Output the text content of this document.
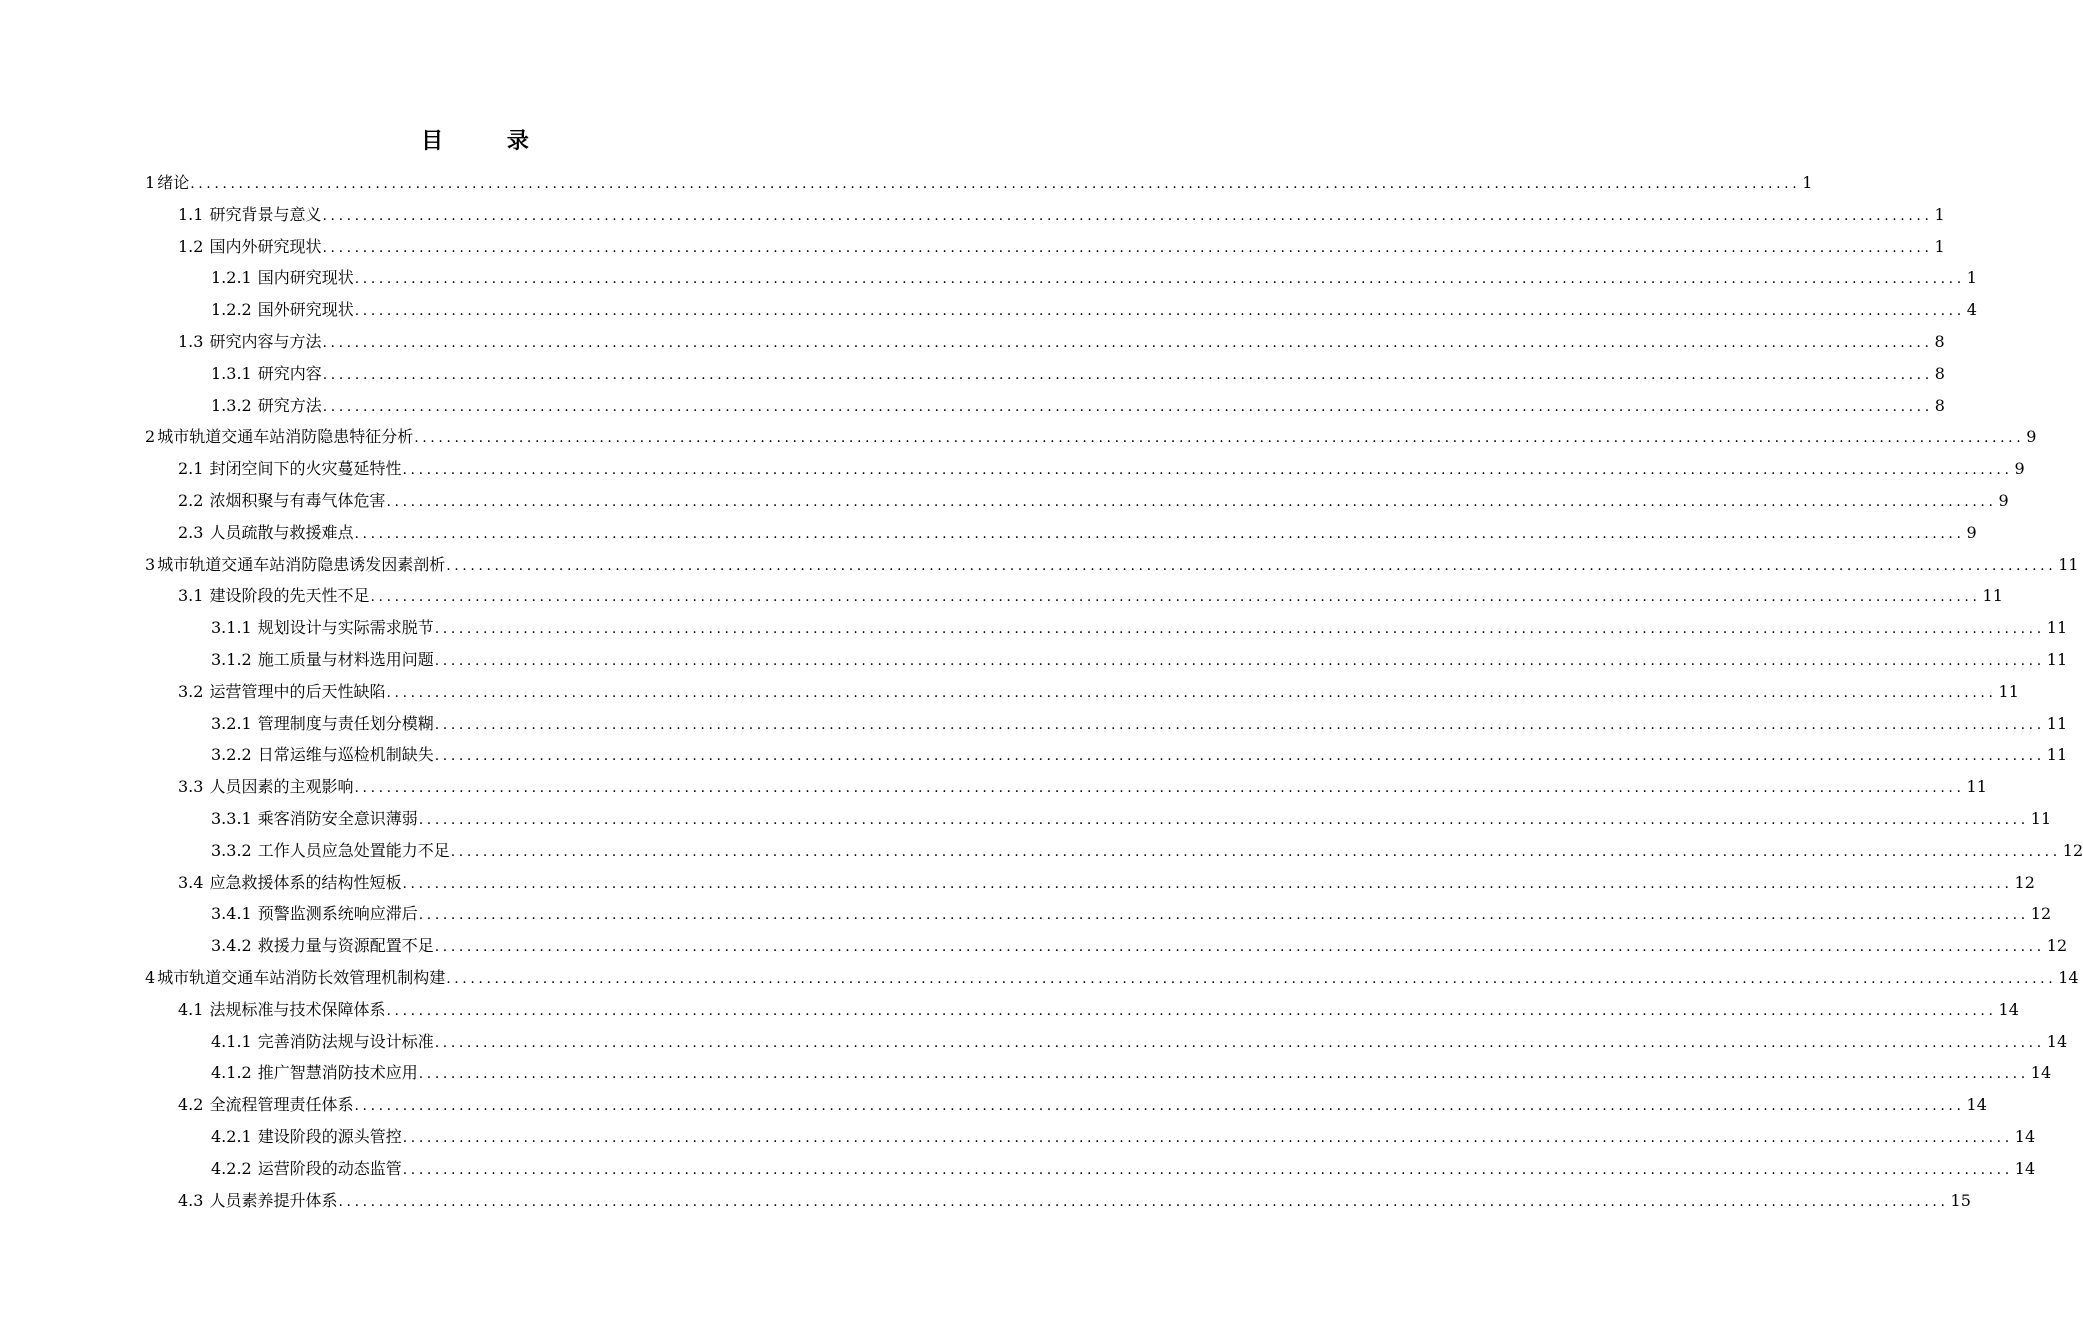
目 录
1 绪论 ........................................................................................................................................................................................................ 1
1.1 研究背景与意义 ........................................................................................................................................................................................................ 1
1.2 国内外研究现状 ........................................................................................................................................................................................................ 1
1.2.1 国内研究现状 ........................................................................................................................................................................................................ 1
1.2.2 国外研究现状 ........................................................................................................................................................................................................ 4
1.3 研究内容与方法 ........................................................................................................................................................................................................ 8
1.3.1 研究内容 ........................................................................................................................................................................................................ 8
1.3.2 研究方法 ........................................................................................................................................................................................................ 8
2 城市轨道交通车站消防隐患特征分析 ........................................................................................................................................................................................................ 9
2.1 封闭空间下的火灾蔓延特性 ........................................................................................................................................................................................................ 9
2.2 浓烟积聚与有毒气体危害 ........................................................................................................................................................................................................ 9
2.3 人员疏散与救援难点 ........................................................................................................................................................................................................ 9
3 城市轨道交通车站消防隐患诱发因素剖析 ........................................................................................................................................................................................................ 11
3.1 建设阶段的先天性不足 ........................................................................................................................................................................................................ 11
3.1.1 规划设计与实际需求脱节 ........................................................................................................................................................................................................ 11
3.1.2 施工质量与材料选用问题 ........................................................................................................................................................................................................ 11
3.2 运营管理中的后天性缺陷 ........................................................................................................................................................................................................ 11
3.2.1 管理制度与责任划分模糊 ........................................................................................................................................................................................................ 11
3.2.2 日常运维与巡检机制缺失 ........................................................................................................................................................................................................ 11
3.3 人员因素的主观影响 ........................................................................................................................................................................................................ 11
3.3.1 乘客消防安全意识薄弱 ........................................................................................................................................................................................................ 11
3.3.2 工作人员应急处置能力不足 ........................................................................................................................................................................................................ 12
3.4 应急救援体系的结构性短板 ........................................................................................................................................................................................................ 12
3.4.1 预警监测系统响应滞后 ........................................................................................................................................................................................................ 12
3.4.2 救援力量与资源配置不足 ........................................................................................................................................................................................................ 12
4 城市轨道交通车站消防长效管理机制构建 ........................................................................................................................................................................................................ 14
4.1 法规标准与技术保障体系 ........................................................................................................................................................................................................ 14
4.1.1 完善消防法规与设计标准 ........................................................................................................................................................................................................ 14
4.1.2 推广智慧消防技术应用 ........................................................................................................................................................................................................ 14
4.2 全流程管理责任体系 ........................................................................................................................................................................................................ 14
4.2.1 建设阶段的源头管控 ........................................................................................................................................................................................................ 14
4.2.2 运营阶段的动态监管 ........................................................................................................................................................................................................ 14
4.3 人员素养提升体系 ........................................................................................................................................................................................................ 15
